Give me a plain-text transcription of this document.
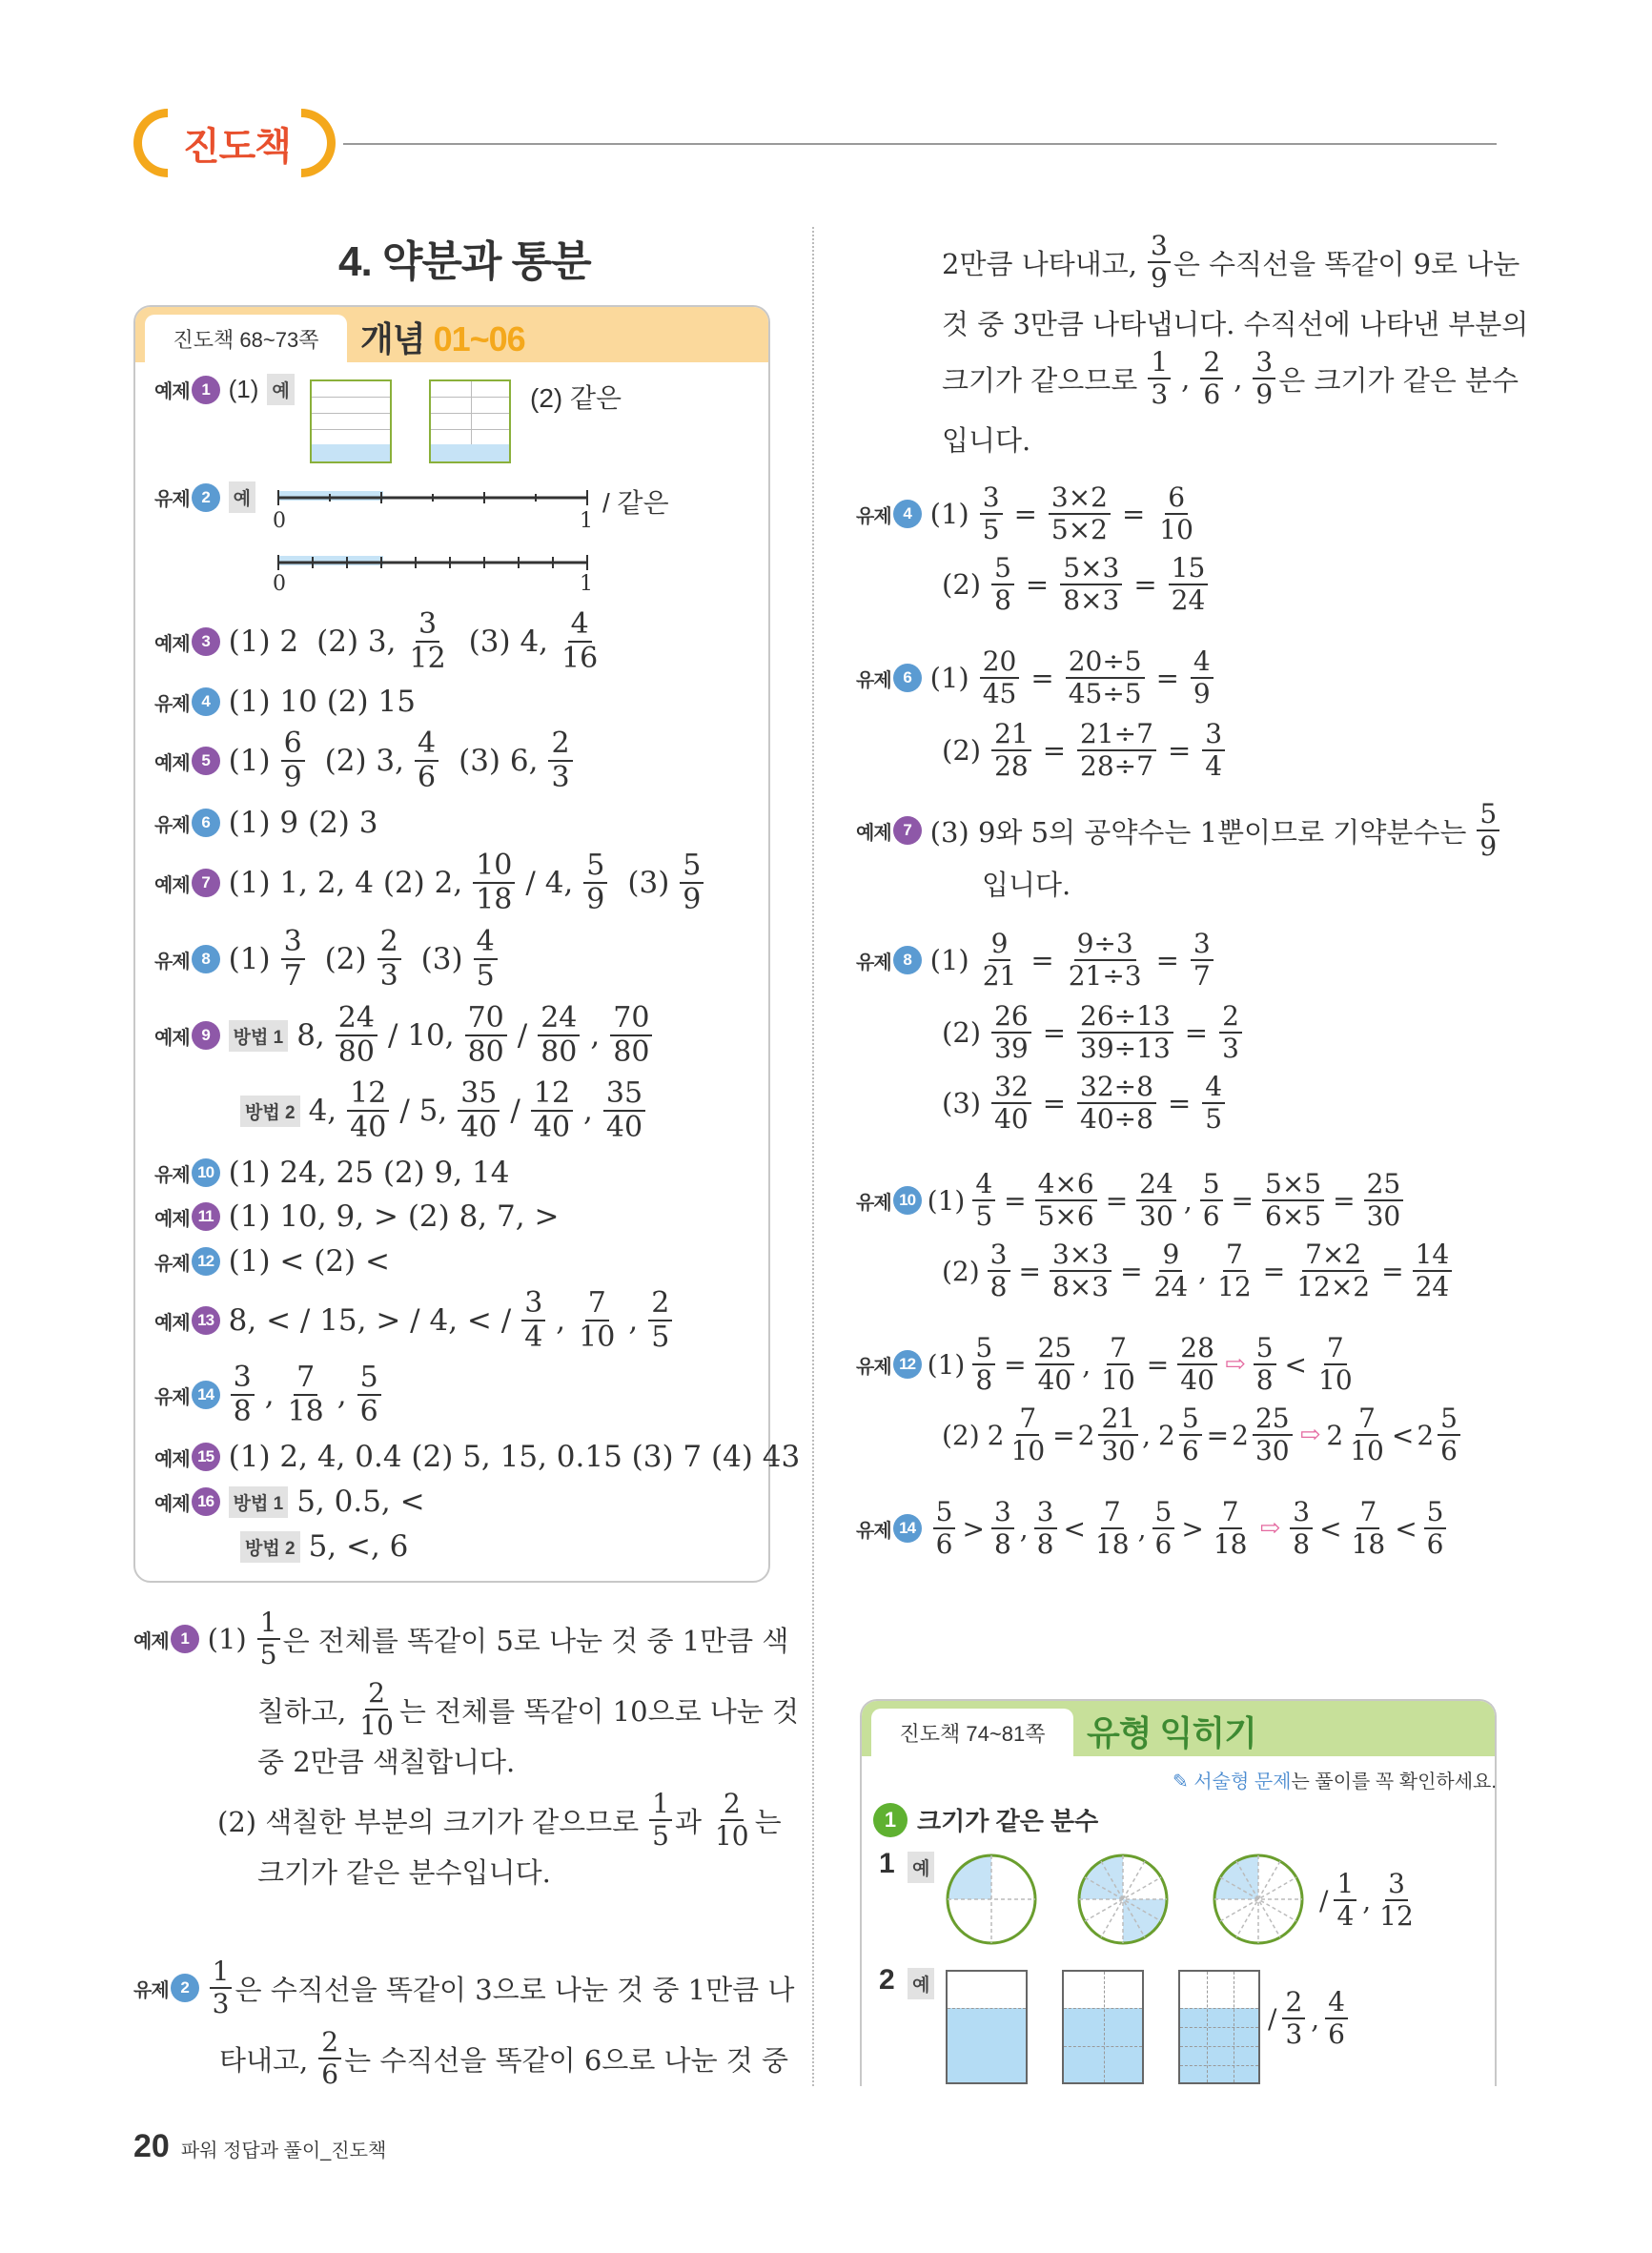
진도책
4. 약분과 통분
진도책 68~73쪽 개념 01~06
예제 1 (1) 예	(2) 같은
유제 2	예
0	1
0	1
/ 같은
예제 3 (1) 2 (2) 3, $\frac{3}{12} (3)$ 4, $\frac{4}{16}$
유제 4 (1) 10 (2) 15
예제 5 $(1) \frac{6}{9} (2)$ 3, $\frac{4}{6} (3)$ 6, $\frac{2}{3}$
유제 6 (1) 9 (2) 3
예제 7 (1) 1, 2, 4 (2) 2, $\frac{10}{18} / 4$, $\frac{5}{9} (3) \frac{5}{9}$
유제 8 $(1) \frac{3}{7} (2) \frac{2}{3} (3) \frac{4}{5}$
예제 9	방법 1 8, $\frac{24}{80} / 10$, $\frac{70}{80} / \frac{24}{80}$ , $\frac{70}{80}$
방법 2 4, $\frac{12}{40} / 5$, $\frac{35}{40} / \frac{12}{40}$ , $\frac{35}{40}$
유제 10 (1) 24, 25 (2) 9, 14
예제 11 (1) 10, 9, > (2) 8, 7, >
유제 12 (1) < (2) <
예제 13 8, < / 15, > / 4, < / $\frac{3}{4}$ , $\frac{7}{10}$ , $\frac{2}{5}$
유제 $14 \frac{3}{8}$ , $\frac{7}{18}$ , $\frac{5}{6}$
예제 15 (1) 2, 4, 0.4 (2) 5, 15, 0.15 (3) 7 (4) 43
예제 16	방법 1 5, 0.5, <
방법 2 5, <, 6
예제 1 $(1) \frac{1}{5}$ 은 전체를 똑같이 5로 나눈 것 중 1만큼 색
칠하고, $\frac{2}{10}$ 는 전체를 똑같이 10으로 나눈 것
중 2만큼 색칠합니다.
(2) 색칠한 부분의 크기가 같으므로 $\frac{1}{5}$ 과 $\frac{2}{10}$ 는
크기가 같은 분수입니다.
유제 $2 \frac{1}{3}$ 은 수직선을 똑같이 3으로 나눈 것 중 1만큼 나
타내고, $\frac{2}{6}$ 는 수직선을 똑같이 6으로 나눈 것 중
2만큼 나타내고, $\frac{3}{9}$ 은 수직선을 똑같이 9로 나눈
것 중 3만큼 나타냅니다. 수직선에 나타낸 부분의
크기가 같으므로 $\frac{1}{3}$ , $\frac{2}{6}$ , $\frac{3}{9}$ 은 크기가 같은 분수
입니다.
유제 4 $(1) \frac{3}{5} = \frac{3\times 2}{5\times 2} = \frac{6}{10}$
$(2) \frac{5}{8} = \frac{5\times 3}{8\times 3} = \frac{15}{24}$
유제 6 $(1) \frac{20}{45} = \frac{20\div 5}{45\div 5} = \frac{4}{9}$
$(2) \frac{21}{28} = \frac{21\div 7}{28\div 7} = \frac{3}{4}$
예제 7 (3) 9와 5의 공약수는 1뿐이므로 기약분수는 $\frac{5}{9}$
입니다.
유제 8 $(1) \frac{9}{21} = \frac{9\div 3}{21\div 3} = \frac{3}{7}$
$(2) \frac{26}{39} = \frac{26\div 13}{39\div 13} = \frac{2}{3}$
$(3) \frac{32}{40} = \frac{32\div 8}{40\div 8} = \frac{4}{5}$
유제 10 $(1) \frac{4}{5} = \frac{4\times 6}{5\times 6} = \frac{24}{30}$ , $\frac{5}{6} = \frac{5\times 5}{6\times 5} = \frac{25}{30}$
$(2) \frac{3}{8} = \frac{3\times 3}{8\times 3} = \frac{9}{24}$ , $\frac{7}{12} = \frac{7\times 2}{12\times 2} = \frac{14}{24}$
유제 12 $(1) \frac{5}{8} = \frac{25}{40}$ , $\frac{7}{10} = \frac{28}{40}$ ⇨ $\frac{5}{8} < \frac{7}{10}$
(2) $2 \frac{7}{10} = 2 \frac{21}{30}$ , $2 \frac{5}{6} = 2 \frac{25}{30}$ ⇨ $2 \frac{7}{10} < 2 \frac{5}{6}$
유제 $14 \frac{5}{6} > \frac{3}{8}$ , $\frac{3}{8} < \frac{7}{18}$ , $\frac{5}{6} > \frac{7}{18}$ ⇨ $\frac{3}{8} < \frac{7}{18} < \frac{5}{6}$
진도책 74~81쪽 유형 익히기
✎ 서술형 문제는 풀이를 꼭 확인하세요.
1 크기가 같은 분수
1 예
/ $\frac{1}{4}$ , $\frac{3}{12}$
2 예
/ $\frac{2}{3}$ , $\frac{4}{6}$
20 파워 정답과 풀이_진도책
